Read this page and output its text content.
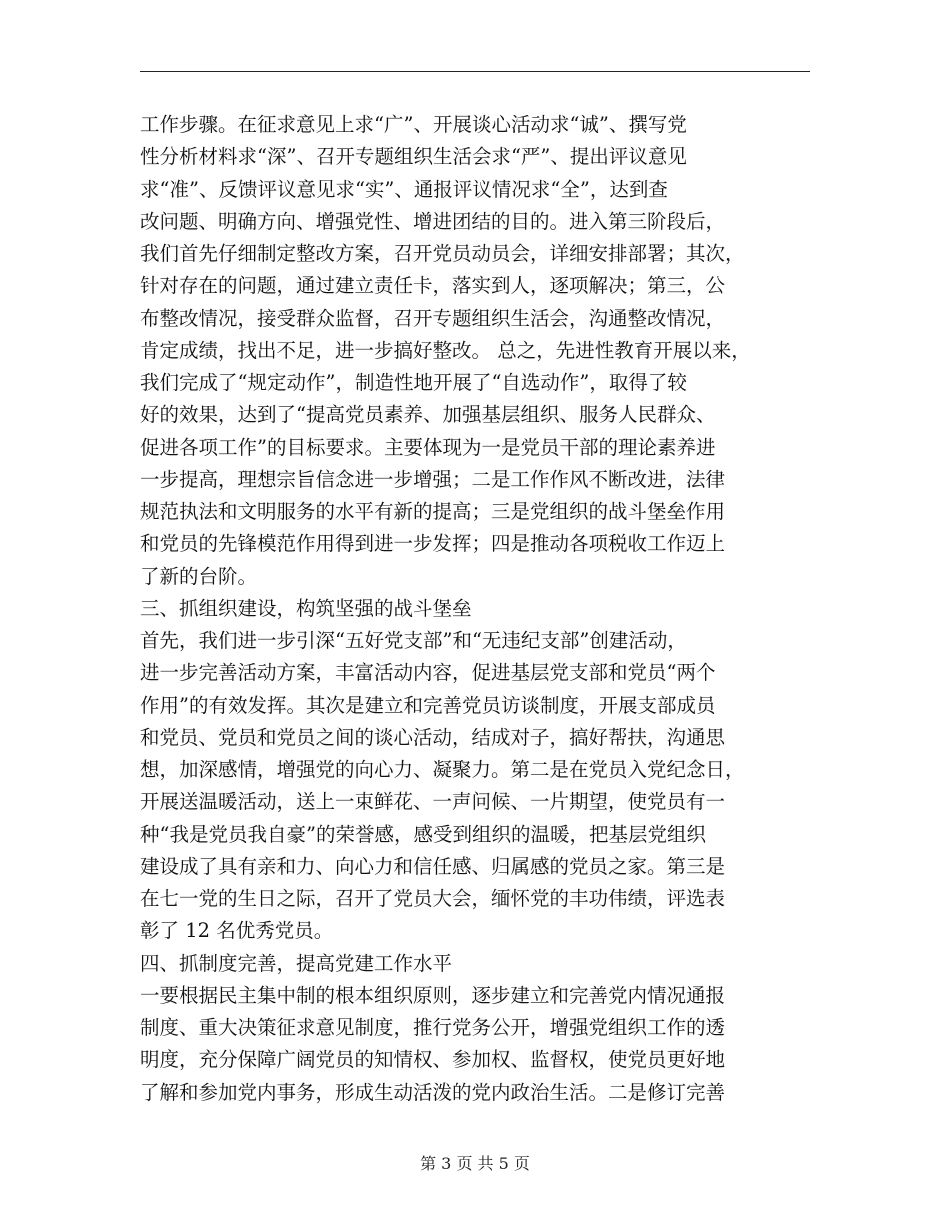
工作步骤。在征求意见上求“广”、开展谈心活动求“诚”、撰写党
性分析材料求“深”、召开专题组织生活会求“严”、提出评议意见
求“准”、反馈评议意见求“实”、通报评议情况求“全”，达到查
改问题、明确方向、增强党性、增进团结的目的。进入第三阶段后，
我们首先仔细制定整改方案，召开党员动员会，详细安排部署；其次，
针对存在的问题，通过建立责任卡，落实到人，逐项解决；第三，公
布整改情况，接受群众监督，召开专题组织生活会，沟通整改情况，
肯定成绩，找出不足，进一步搞好整改。 总之，先进性教育开展以来，
我们完成了“规定动作”，制造性地开展了“自选动作”，取得了较
好的效果，达到了“提高党员素养、加强基层组织、服务人民群众、
促进各项工作”的目标要求。主要体现为一是党员干部的理论素养进
一步提高，理想宗旨信念进一步增强；二是工作作风不断改进，法律
规范执法和文明服务的水平有新的提高；三是党组织的战斗堡垒作用
和党员的先锋模范作用得到进一步发挥；四是推动各项税收工作迈上
了新的台阶。
三、抓组织建设，构筑坚强的战斗堡垒
首先，我们进一步引深“五好党支部”和“无违纪支部”创建活动，
进一步完善活动方案，丰富活动内容，促进基层党支部和党员“两个
作用”的有效发挥。其次是建立和完善党员访谈制度，开展支部成员
和党员、党员和党员之间的谈心活动，结成对子，搞好帮扶，沟通思
想，加深感情，增强党的向心力、凝聚力。第二是在党员入党纪念日，
开展送温暖活动，送上一束鲜花、一声问候、一片期望，使党员有一
种“我是党员我自豪”的荣誉感，感受到组织的温暖，把基层党组织
建设成了具有亲和力、向心力和信任感、归属感的党员之家。第三是
在七一党的生日之际，召开了党员大会，缅怀党的丰功伟绩，评选表
彰了 12 名优秀党员。
四、抓制度完善，提高党建工作水平
一要根据民主集中制的根本组织原则，逐步建立和完善党内情况通报
制度、重大决策征求意见制度，推行党务公开，增强党组织工作的透
明度，充分保障广阔党员的知情权、参加权、监督权，使党员更好地
了解和参加党内事务，形成生动活泼的党内政治生活。二是修订完善
第 3 页 共 5 页
